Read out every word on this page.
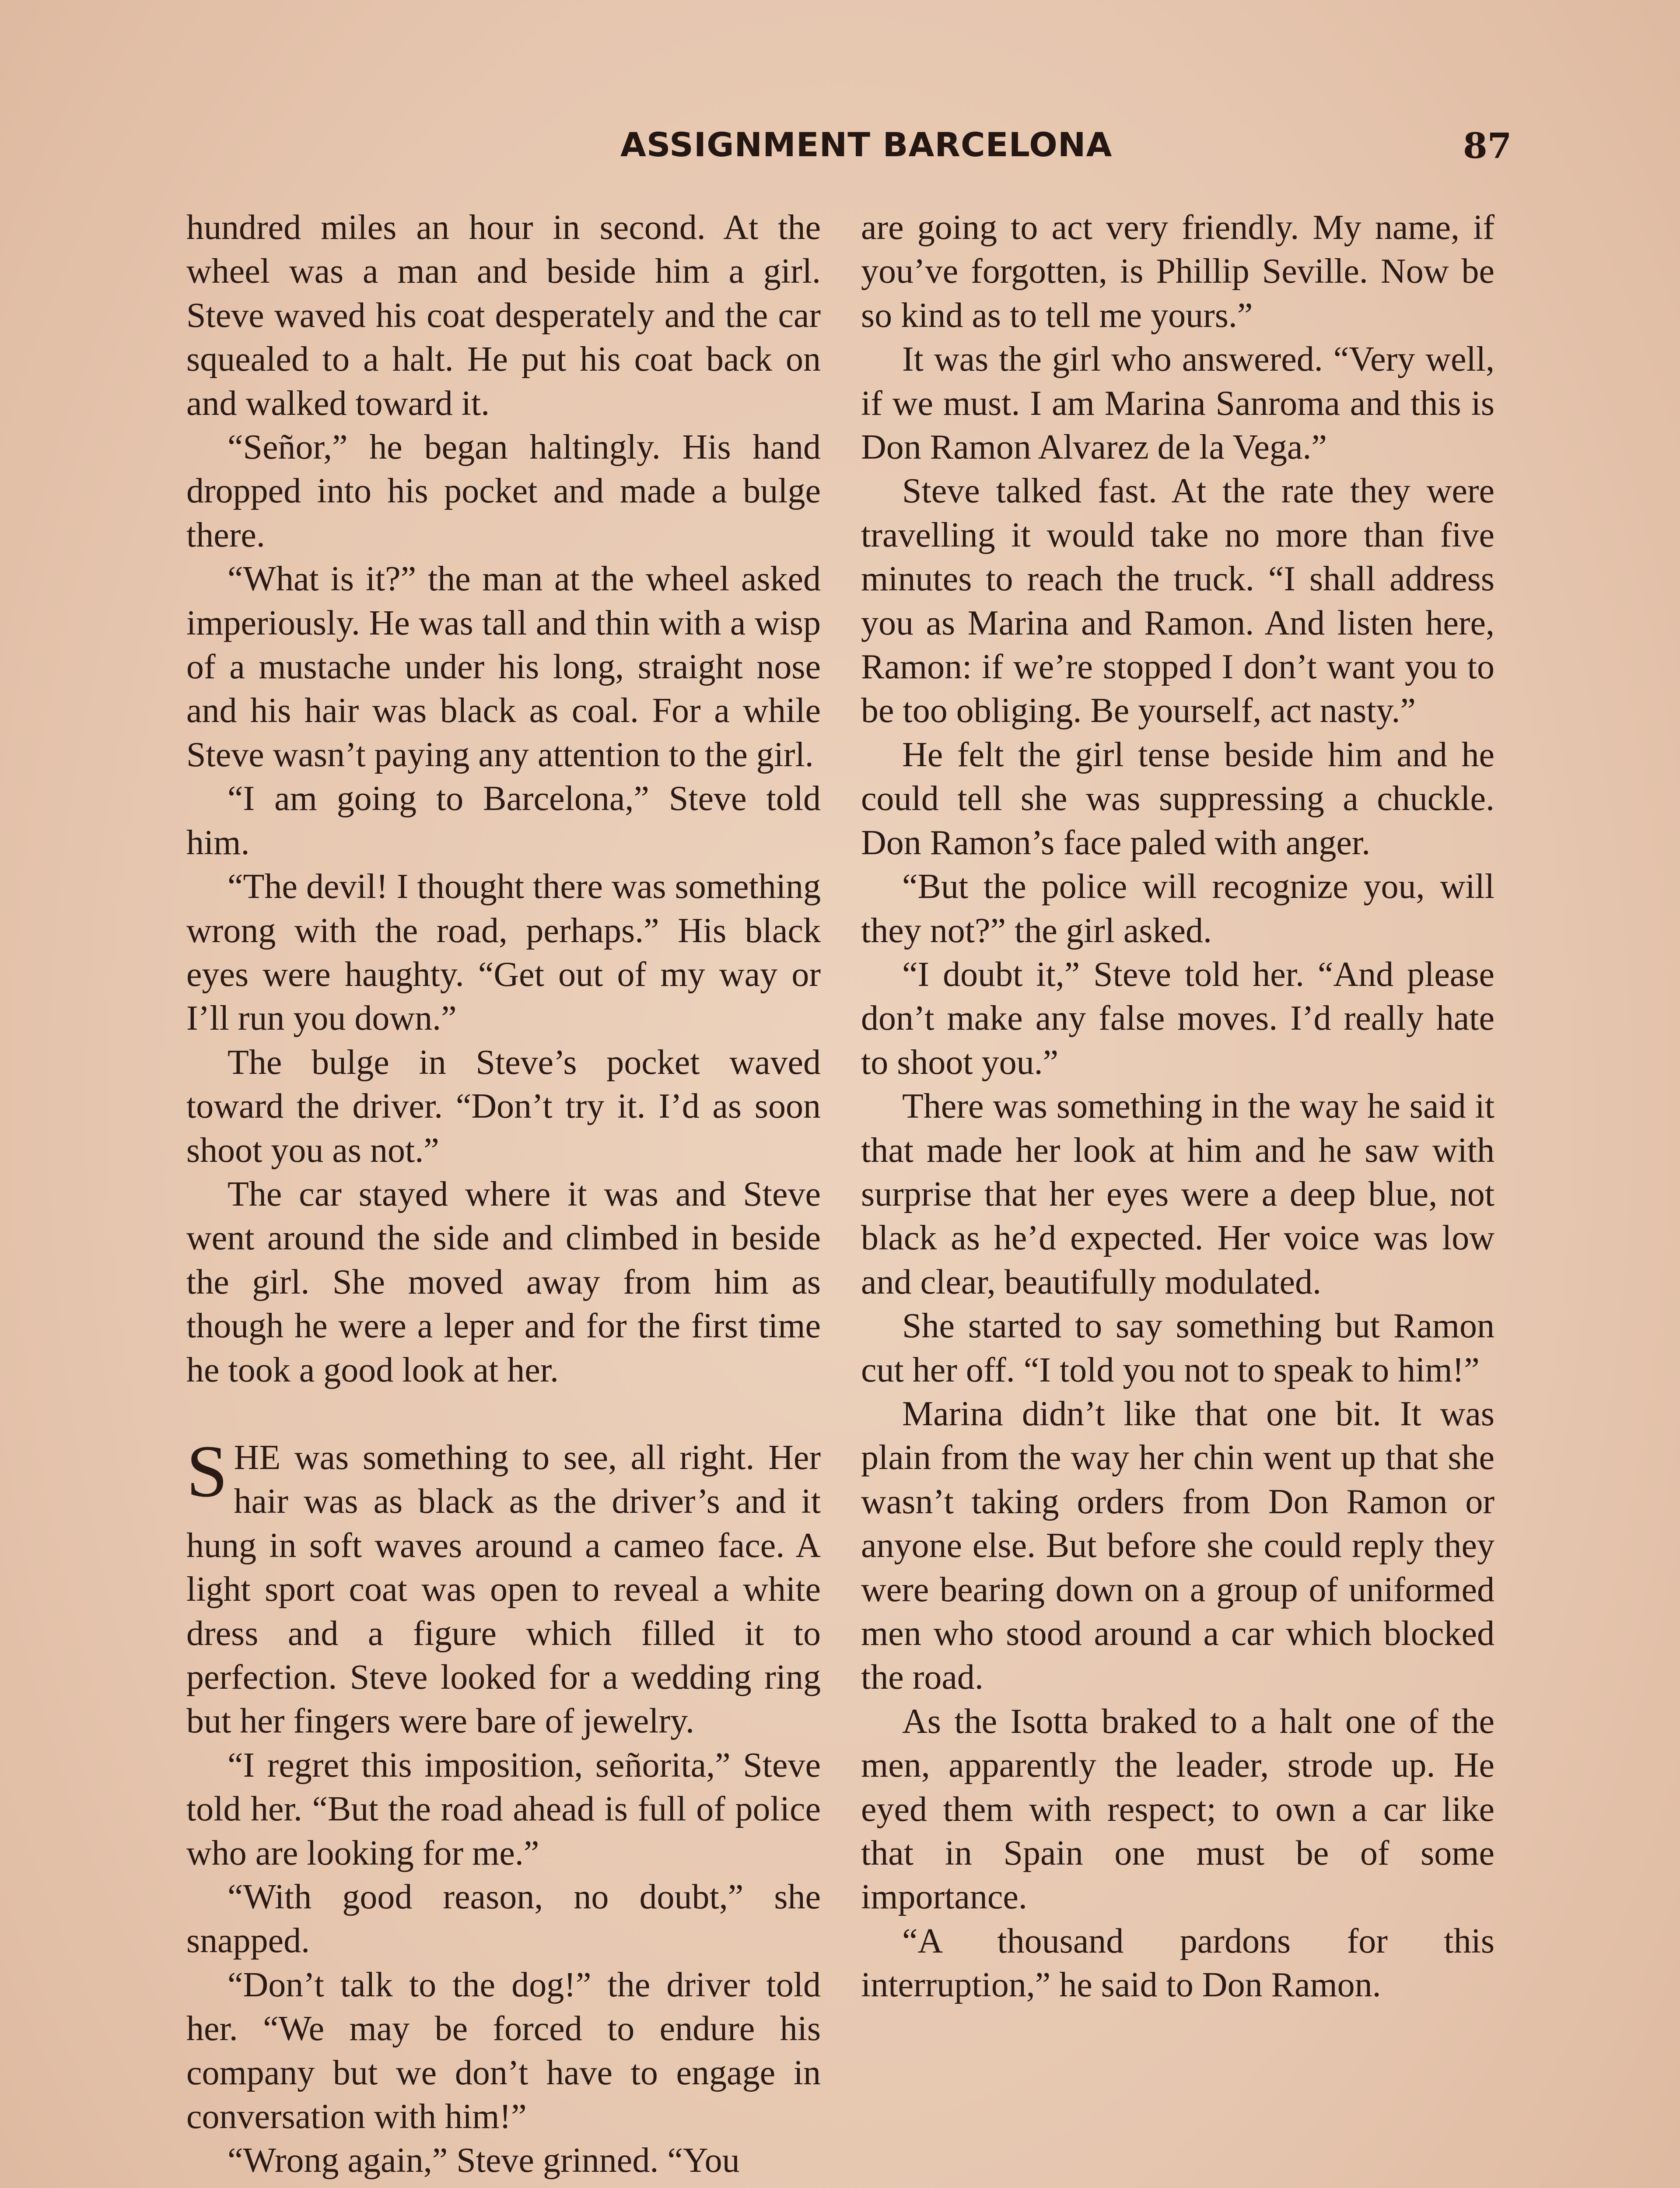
ASSIGNMENT BARCELONA	87

hundred miles an hour in second. At the wheel was a man and beside him a girl. Steve waved his coat desperately and the car squealed to a halt. He put his coat back on and walked toward it.

“Señor,” he began haltingly. His hand dropped into his pocket and made a bulge there.

“What is it?” the man at the wheel asked imperiously. He was tall and thin with a wisp of a mustache under his long, straight nose and his hair was black as coal. For a while Steve wasn’t paying any attention to the girl.

“I am going to Barcelona,” Steve told him.

“The devil! I thought there was something wrong with the road, perhaps.” His black eyes were haughty. “Get out of my way or I’ll run you down.”

The bulge in Steve’s pocket waved toward the driver. “Don’t try it. I’d as soon shoot you as not.”

The car stayed where it was and Steve went around the side and climbed in beside the girl. She moved away from him as though he were a leper and for the first time he took a good look at her.

SHE was something to see, all right. Her hair was as black as the driver’s and it hung in soft waves around a cameo face. A light sport coat was open to reveal a white dress and a figure which filled it to perfection. Steve looked for a wedding ring but her fingers were bare of jewelry.

“I regret this imposition, señorita,” Steve told her. “But the road ahead is full of police who are looking for me.”

“With good reason, no doubt,” she snapped.

“Don’t talk to the dog!” the driver told her. “We may be forced to endure his company but we don’t have to engage in conversation with him!”

“Wrong again,” Steve grinned. “You

are going to act very friendly. My name, if you’ve forgotten, is Phillip Seville. Now be so kind as to tell me yours.”

It was the girl who answered. “Very well, if we must. I am Marina Sanroma and this is Don Ramon Alvarez de la Vega.”

Steve talked fast. At the rate they were travelling it would take no more than five minutes to reach the truck. “I shall address you as Marina and Ramon. And listen here, Ramon: if we’re stopped I don’t want you to be too obliging. Be yourself, act nasty.”

He felt the girl tense beside him and he could tell she was suppressing a chuckle. Don Ramon’s face paled with anger.

“But the police will recognize you, will they not?” the girl asked.

“I doubt it,” Steve told her. “And please don’t make any false moves. I’d really hate to shoot you.”

There was something in the way he said it that made her look at him and he saw with surprise that her eyes were a deep blue, not black as he’d expected. Her voice was low and clear, beautifully modulated.

She started to say something but Ramon cut her off. “I told you not to speak to him!”

Marina didn’t like that one bit. It was plain from the way her chin went up that she wasn’t taking orders from Don Ramon or anyone else. But before she could reply they were bearing down on a group of uniformed men who stood around a car which blocked the road.

As the Isotta braked to a halt one of the men, apparently the leader, strode up. He eyed them with respect; to own a car like that in Spain one must be of some importance.

“A thousand pardons for this interruption,” he said to Don Ramon.
